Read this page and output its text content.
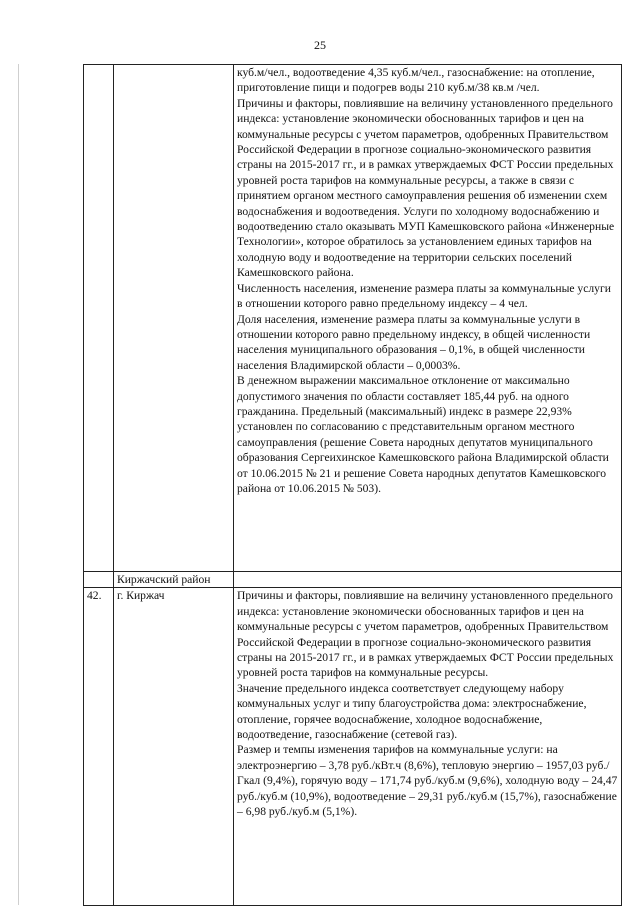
25

		куб.м/чел., водоотведение 4,35 куб.м/чел., газоснабжение: на отопление, приготовление пищи и подогрев воды 210 куб.м/38 кв.м /чел.

Причины и факторы, повлиявшие на величину установленного предельного индекса: установление экономически обоснованных тарифов и цен на коммунальные ресурсы с учетом параметров, одобренных Правительством Российской Федерации в прогнозе социально-экономического развития страны на 2015-2017 гг., и в рамках утверждаемых ФСТ России предельных уровней роста тарифов на коммунальные ресурсы, а также в связи с принятием органом местного самоуправления решения об изменении схем водоснабжения и водоотведения. Услуги по холодному водоснабжению и водоотведению стало оказывать МУП Камешковского района «Инженерные Технологии», которое обратилось за установлением единых тарифов на холодную воду и водоотведение на территории сельских поселений Камешковского района.

Численность населения, изменение размера платы за коммунальные услуги в отношении которого равно предельному индексу – 4 чел.

Доля населения, изменение размера платы за коммунальные услуги в отношении которого равно предельному индексу, в общей численности населения муниципального образования – 0,1%, в общей численности населения Владимирской области – 0,0003%.

В денежном выражении максимальное отклонение от максимально допустимого значения по области составляет 185,44 руб. на одного гражданина. Предельный (максимальный) индекс в размере 22,93% установлен по согласованию с представительным органом местного самоуправления (решение Совета народных депутатов муниципального образования Сергеихинское Камешковского района Владимирской области от 10.06.2015 № 21 и решение Совета народных депутатов Камешковского района от 10.06.2015 № 503).

	Киржачский район	
42.	г. Киржач	Причины и факторы, повлиявшие на величину установленного предельного индекса: установление экономически обоснованных тарифов и цен на коммунальные ресурсы с учетом параметров, одобренных Правительством Российской Федерации в прогнозе социально-экономического развития страны на 2015-2017 гг., и в рамках утверждаемых ФСТ России предельных уровней роста тарифов на коммунальные ресурсы.

Значение предельного индекса соответствует следующему набору коммунальных услуг и типу благоустройства дома: электроснабжение, отопление, горячее водоснабжение, холодное водоснабжение, водоотведение, газоснабжение (сетевой газ).

Размер и темпы изменения тарифов на коммунальные услуги: на электроэнергию – 3,78 руб./кВт.ч (8,6%), тепловую энергию – 1957,03 руб./Гкал (9,4%), горячую воду – 171,74 руб./куб.м (9,6%), холодную воду – 24,47 руб./куб.м (10,9%), водоотведение – 29,31 руб./куб.м (15,7%), газоснабжение – 6,98 руб./куб.м (5,1%).
